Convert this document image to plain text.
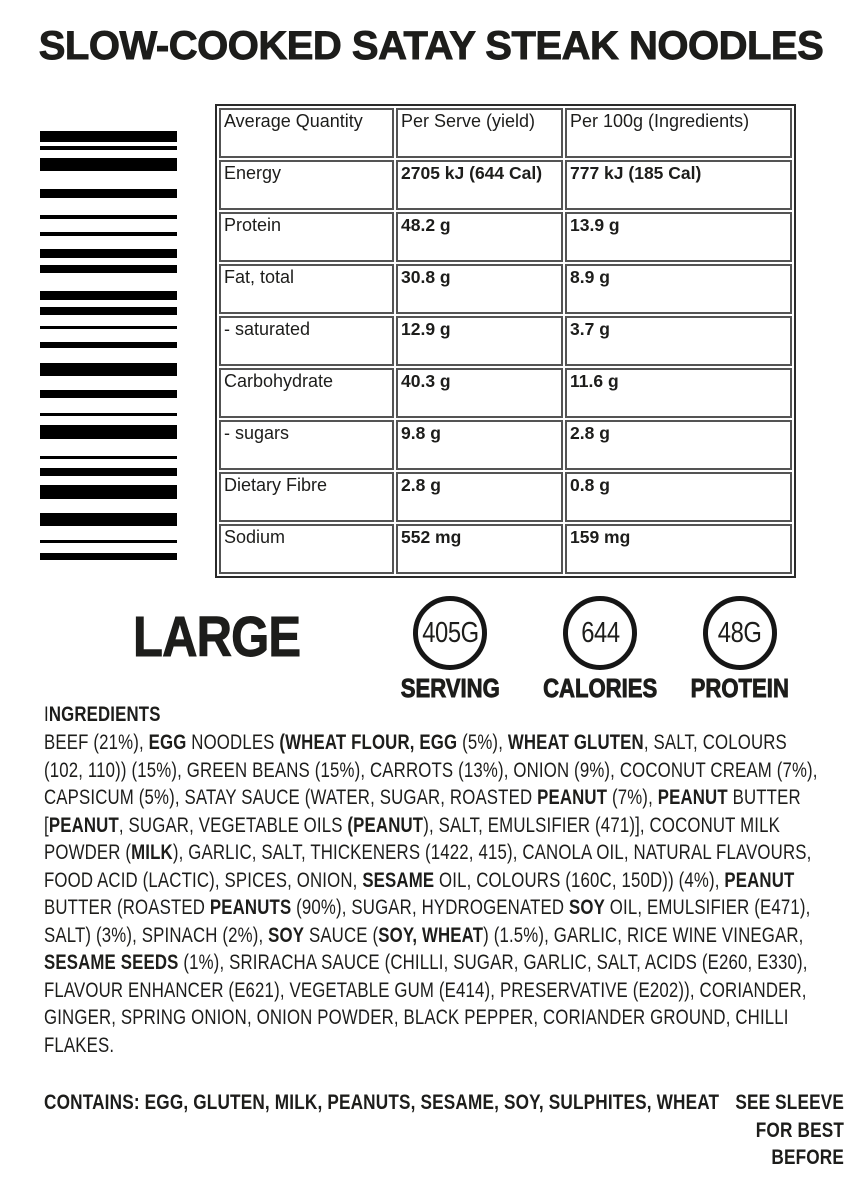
SLOW-COOKED SATAY STEAK NOODLES
Average Quantity	Per Serve (yield)	Per 100g (Ingredients)
Energy	2705 kJ (644 Cal)	777 kJ (185 Cal)
Protein	48.2 g	13.9 g
Fat, total	30.8 g	8.9 g
- saturated	12.9 g	3.7 g
Carbohydrate	40.3 g	11.6 g
- sugars	9.8 g	2.8 g
Dietary Fibre	2.8 g	0.8 g
Sodium	552 mg	159 mg
LARGE	405G
SERVING
644
CALORIES
48G
PROTEIN
INGREDIENTS
BEEF (21%), EGG NOODLES (WHEAT FLOUR, EGG (5%), WHEAT GLUTEN, SALT, COLOURS
(102, 110)) (15%), GREEN BEANS (15%), CARROTS (13%), ONION (9%), COCONUT CREAM (7%),
CAPSICUM (5%), SATAY SAUCE (WATER, SUGAR, ROASTED PEANUT (7%), PEANUT BUTTER
[PEANUT, SUGAR, VEGETABLE OILS (PEANUT), SALT, EMULSIFIER (471)], COCONUT MILK
POWDER (MILK), GARLIC, SALT, THICKENERS (1422, 415), CANOLA OIL, NATURAL FLAVOURS,
FOOD ACID (LACTIC), SPICES, ONION, SESAME OIL, COLOURS (160C, 150D)) (4%), PEANUT
BUTTER (ROASTED PEANUTS (90%), SUGAR, HYDROGENATED SOY OIL, EMULSIFIER (E471),
SALT) (3%), SPINACH (2%), SOY SAUCE (SOY, WHEAT) (1.5%), GARLIC, RICE WINE VINEGAR,
SESAME SEEDS (1%), SRIRACHA SAUCE (CHILLI, SUGAR, GARLIC, SALT, ACIDS (E260, E330),
FLAVOUR ENHANCER (E621), VEGETABLE GUM (E414), PRESERVATIVE (E202)), CORIANDER,
GINGER, SPRING ONION, ONION POWDER, BLACK PEPPER, CORIANDER GROUND, CHILLI
FLAKES.
CONTAINS: EGG, GLUTEN, MILK, PEANUTS, SESAME, SOY, SULPHITES, WHEAT SEE SLEEVE
FOR BEST
BEFORE
